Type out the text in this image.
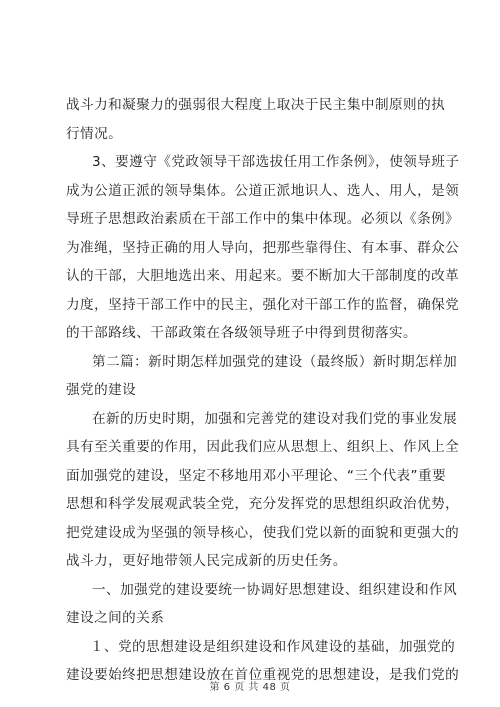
战斗力和凝聚力的强弱很大程度上取决于民主集中制原则的执
行情况。
3、要遵守《党政领导干部选拔任用工作条例》，使领导班子
成为公道正派的领导集体。公道正派地识人、选人、用人，是领
导班子思想政治素质在干部工作中的集中体现。必须以《条例》
为准绳，坚持正确的用人导向，把那些靠得住、有本事、群众公
认的干部，大胆地选出来、用起来。要不断加大干部制度的改革
力度，坚持干部工作中的民主，强化对干部工作的监督，确保党
的干部路线、干部政策在各级领导班子中得到贯彻落实。
第二篇：新时期怎样加强党的建设（最终版）新时期怎样加
强党的建设
在新的历史时期，加强和完善党的建设对我们党的事业发展
具有至关重要的作用，因此我们应从思想上、组织上、作风上全
面加强党的建设，坚定不移地用邓小平理论、“三个代表”重要
思想和科学发展观武装全党，充分发挥党的思想组织政治优势，
把党建设成为坚强的领导核心，使我们党以新的面貌和更强大的
战斗力，更好地带领人民完成新的历史任务。
一、加强党的建设要统一协调好思想建设、组织建设和作风
建设之间的关系
１、党的思想建设是组织建设和作风建设的基础，加强党的
建设要始终把思想建设放在首位重视党的思想建设，是我们党的
第 6 页 共 48 页
